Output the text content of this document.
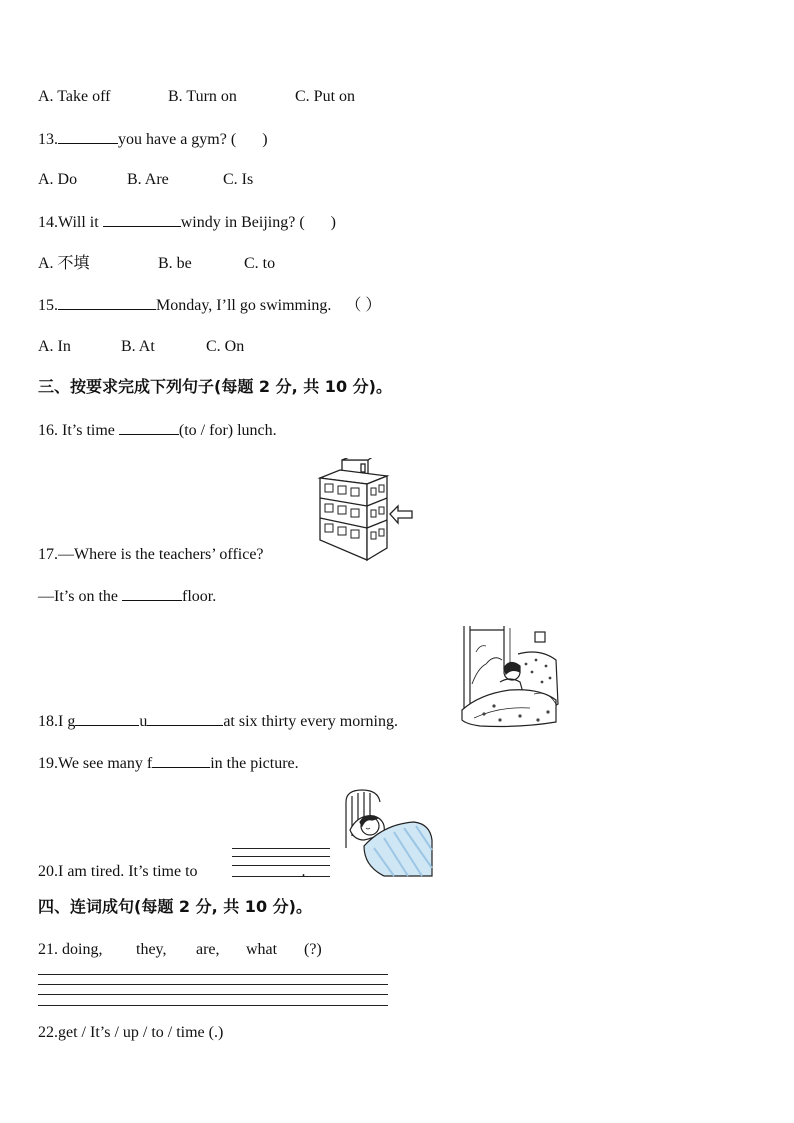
A. Take off	B. Turn on	C. Put on
13.	you have a gym? ( )
A. Do	B. Are	C. Is
14.Will it	windy in Beijing? ( )
A. 不填	B. be	C. to
15.	Monday, I’ll go swimming. （ ）
A. In	B. At	C. On
三、按要求完成下列句子(每题 2 分, 共 10 分)。
16. It’s time	(to / for) lunch.
17.—Where is the teachers’ office?
—It’s on the	floor.
18.I g	u	at six thirty every morning.
19.We see many f	in the picture.
20.I am tired. It’s time to	.
四、连词成句(每题 2 分, 共 10 分)。
21. doing, they, are, what (?)
22.get / It’s / up / to / time (.)
